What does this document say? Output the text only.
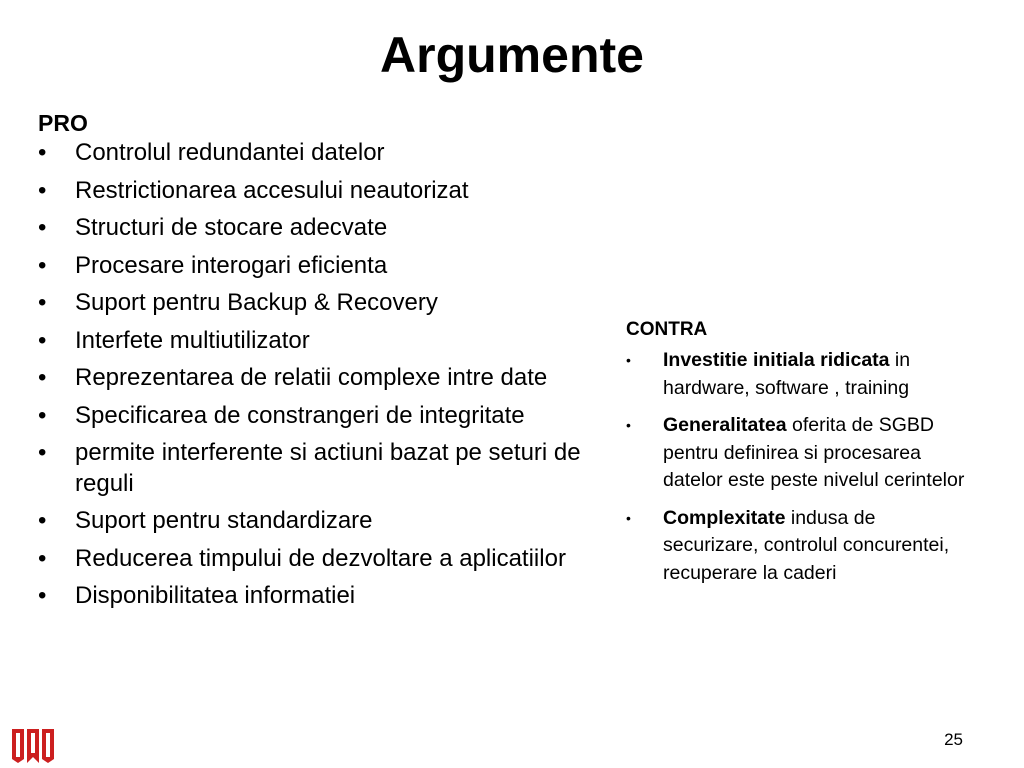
Argumente
PRO
• Controlul redundantei datelor
• Restrictionarea accesului neautorizat
• Structuri de stocare adecvate
• Procesare interogari eficienta
• Suport pentru Backup & Recovery
• Interfete multiutilizator
• Reprezentarea de relatii complexe intre date
• Specificarea de constrangeri de integritate
• permite interferente si actiuni bazat pe seturi de reguli
• Suport pentru standardizare
• Reducerea timpului de dezvoltare a aplicatiilor
• Disponibilitatea informatiei
CONTRA
• Investitie initiala ridicata in hardware, software , training
• Generalitatea oferita de SGBD pentru definirea si procesarea datelor este peste nivelul cerintelor
• Complexitate indusa de securizare, controlul concurentei, recuperare la caderi
25
